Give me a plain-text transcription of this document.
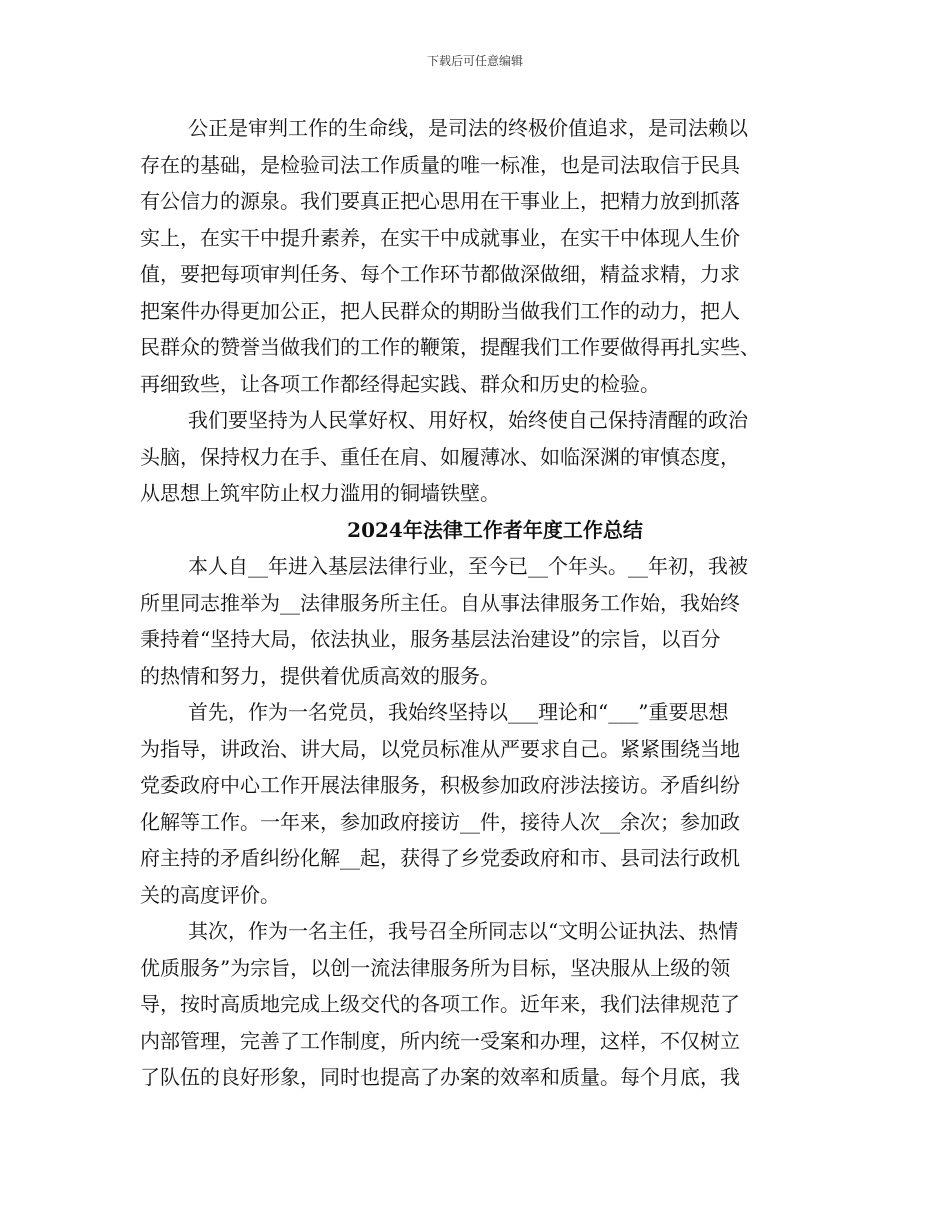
下载后可任意编辑
公正是审判工作的生命线，是司法的终极价值追求，是司法赖以
存在的基础，是检验司法工作质量的唯一标准，也是司法取信于民具
有公信力的源泉。我们要真正把心思用在干事业上，把精力放到抓落
实上，在实干中提升素养，在实干中成就事业，在实干中体现人生价
值，要把每项审判任务、每个工作环节都做深做细，精益求精，力求
把案件办得更加公正，把人民群众的期盼当做我们工作的动力，把人
民群众的赞誉当做我们的工作的鞭策，提醒我们工作要做得再扎实些、
再细致些，让各项工作都经得起实践、群众和历史的检验。
我们要坚持为人民掌好权、用好权，始终使自己保持清醒的政治
头脑，保持权力在手、重任在肩、如履薄冰、如临深渊的审慎态度，
从思想上筑牢防止权力滥用的铜墙铁壁。
2024年法律工作者年度工作总结
本人自__年进入基层法律行业，至今已__个年头。__年初，我被
所里同志推举为__法律服务所主任。自从事法律服务工作始，我始终
秉持着“坚持大局，依法执业，服务基层法治建设”的宗旨，以百分
的热情和努力，提供着优质高效的服务。
首先，作为一名党员，我始终坚持以___理论和“___”重要思想
为指导，讲政治、讲大局，以党员标准从严要求自己。紧紧围绕当地
党委政府中心工作开展法律服务，积极参加政府涉法接访。矛盾纠纷
化解等工作。一年来，参加政府接访__件，接待人次__余次；参加政
府主持的矛盾纠纷化解__起，获得了乡党委政府和市、县司法行政机
关的高度评价。
其次，作为一名主任，我号召全所同志以“文明公证执法、热情
优质服务”为宗旨，以创一流法律服务所为目标，坚决服从上级的领
导，按时高质地完成上级交代的各项工作。近年来，我们法律规范了
内部管理，完善了工作制度，所内统一受案和办理，这样，不仅树立
了队伍的良好形象，同时也提高了办案的效率和质量。每个月底，我
